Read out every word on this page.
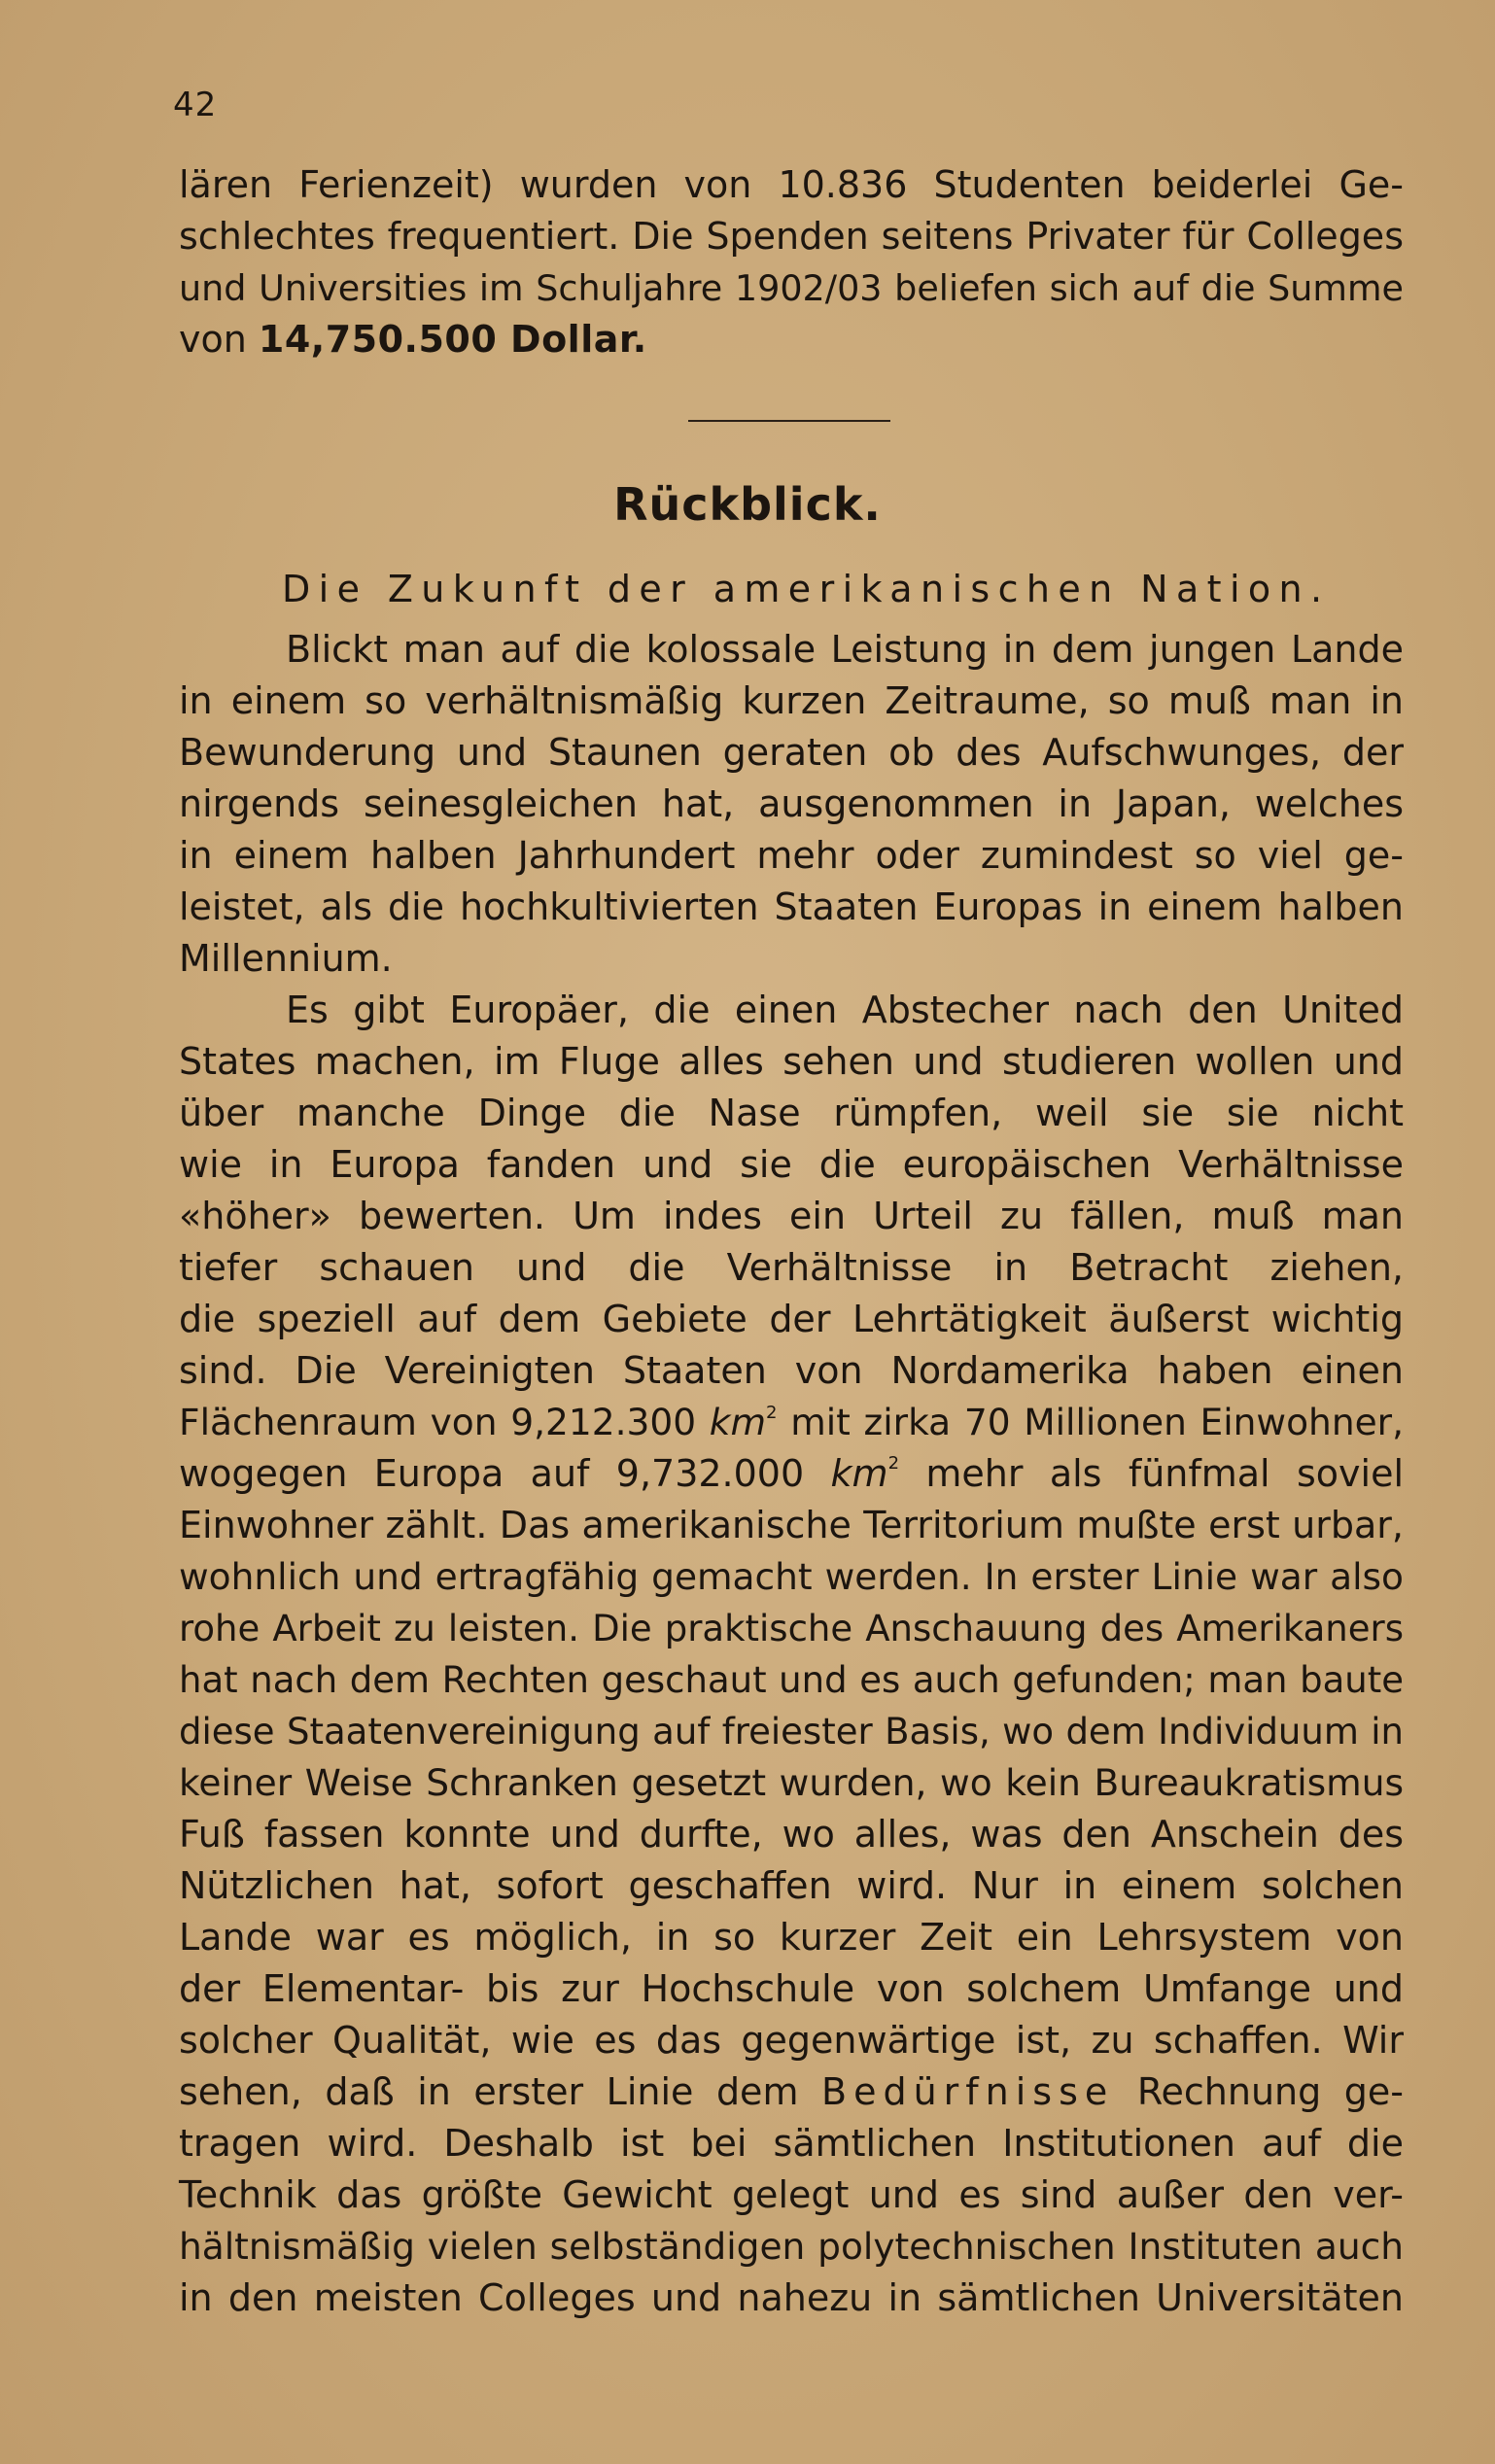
42
lären Ferienzeit) wurden von 10.836 Studenten beiderlei Ge-
schlechtes frequentiert. Die Spenden seitens Privater für Colleges
und Universities im Schuljahre 1902/03 beliefen sich auf die Summe
von 14,750.500 Dollar.
Rückblick.
Die Zukunft der amerikanischen Nation.
Blickt man auf die kolossale Leistung in dem jungen Lande
in einem so verhältnismäßig kurzen Zeitraume, so muß man in
Bewunderung und Staunen geraten ob des Aufschwunges, der
nirgends seinesgleichen hat, ausgenommen in Japan, welches
in einem halben Jahrhundert mehr oder zumindest so viel ge-
leistet, als die hochkultivierten Staaten Europas in einem halben
Millennium.
Es gibt Europäer, die einen Abstecher nach den United
States machen, im Fluge alles sehen und studieren wollen und
über manche Dinge die Nase rümpfen, weil sie sie nicht
wie in Europa fanden und sie die europäischen Verhältnisse
«höher» bewerten. Um indes ein Urteil zu fällen, muß man
tiefer schauen und die Verhältnisse in Betracht ziehen,
die speziell auf dem Gebiete der Lehrtätigkeit äußerst wichtig
sind. Die Vereinigten Staaten von Nordamerika haben einen
Flächenraum von 9,212.300 $km^2$ mit zirka 70 Millionen Einwohner,
wogegen Europa auf 9,732.000 $km^2$ mehr als fünfmal soviel
Einwohner zählt. Das amerikanische Territorium mußte erst urbar,
wohnlich und ertragfähig gemacht werden. In erster Linie war also
rohe Arbeit zu leisten. Die praktische Anschauung des Amerikaners
hat nach dem Rechten geschaut und es auch gefunden; man baute
diese Staatenvereinigung auf freiester Basis, wo dem Individuum in
keiner Weise Schranken gesetzt wurden, wo kein Bureaukratismus
Fuß fassen konnte und durfte, wo alles, was den Anschein des
Nützlichen hat, sofort geschaffen wird. Nur in einem solchen
Lande war es möglich, in so kurzer Zeit ein Lehrsystem von
der Elementar- bis zur Hochschule von solchem Umfange und
solcher Qualität, wie es das gegenwärtige ist, zu schaffen. Wir
sehen, daß in erster Linie dem Bedürfnisse Rechnung ge-
tragen wird. Deshalb ist bei sämtlichen Institutionen auf die
Technik das größte Gewicht gelegt und es sind außer den ver-
hältnismäßig vielen selbständigen polytechnischen Instituten auch
in den meisten Colleges und nahezu in sämtlichen Universitäten
